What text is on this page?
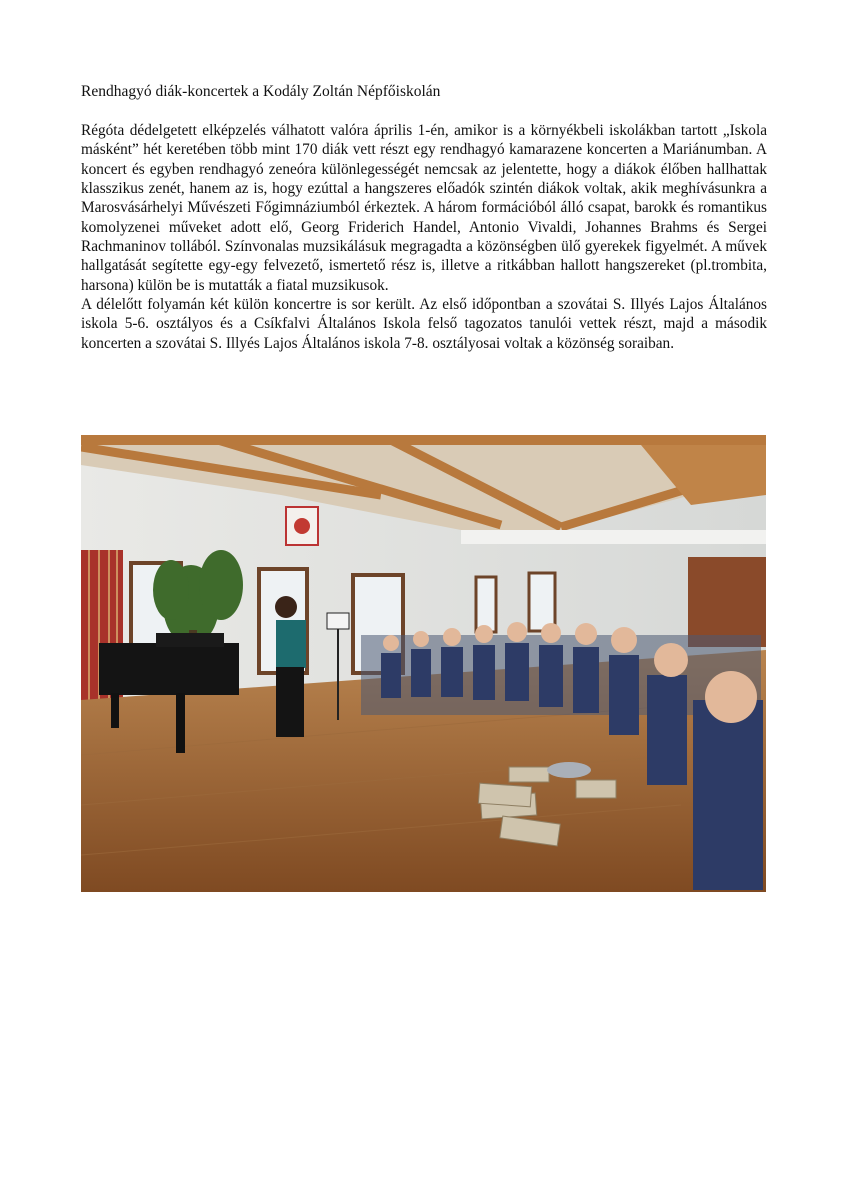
Rendhagyó diák-koncertek a Kodály Zoltán Népfőiskolán

Régóta dédelgetett elképzelés válhatott valóra április 1-én, amikor is a környékbeli iskolákban tartott „Iskola másként” hét keretében több mint 170 diák vett részt egy rendhagyó kamarazene koncerten a Mariánumban. A koncert és egyben rendhagyó zeneóra különlegességét nemcsak az jelentette, hogy a diákok élőben hallhattak klasszikus zenét, hanem az is, hogy ezúttal a hangszeres előadók szintén diákok voltak, akik meghívásunkra a Marosvásárhelyi Művészeti Főgimnáziumból érkeztek. A három formációból álló csapat, barokk és romantikus komolyzenei műveket adott elő, Georg Friderich Handel, Antonio Vivaldi, Johannes Brahms és Sergei Rachmaninov tollából. Színvonalas muzsikálásuk megragadta a közönségben ülő gyerekek figyelmét. A művek hallgatását segítette egy-egy felvezető, ismertető rész is, illetve a ritkábban hallott hangszereket (pl.trombita, harsona) külön be is mutatták a fiatal muzsikusok.

A délelőtt folyamán két külön koncertre is sor került. Az első időpontban a szovátai S. Illyés Lajos Általános iskola 5-6. osztályos és a Csíkfalvi Általános Iskola felső tagozatos tanulói vettek részt, majd a második koncerten a szovátai S. Illyés Lajos Általános iskola 7-8. osztályosai voltak a közönség soraiban.
